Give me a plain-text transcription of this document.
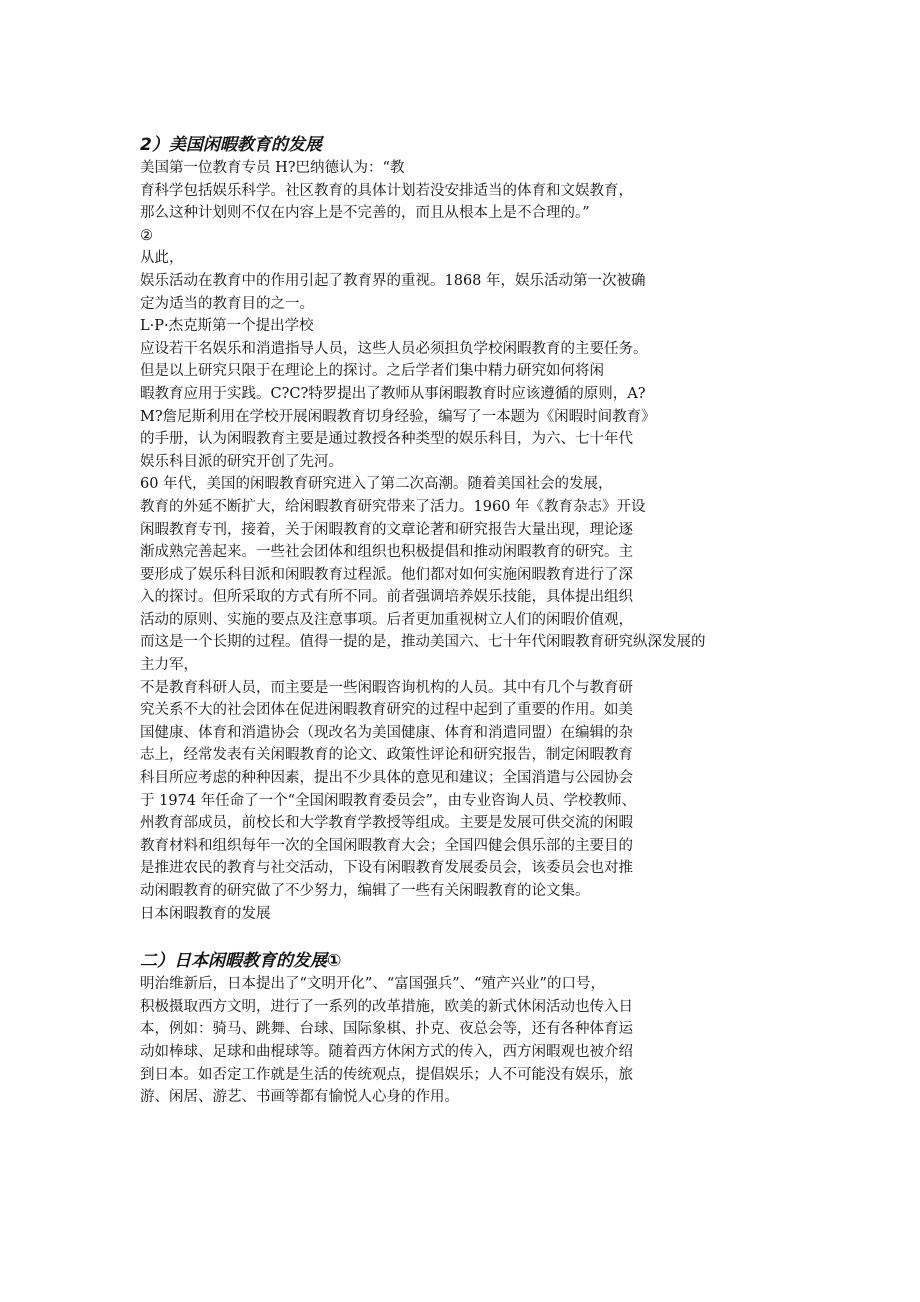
2）美国闲暇教育的发展

美国第一位教育专员 H?巴纳德认为：“教

育科学包括娱乐科学。社区教育的具体计划若没安排适当的体育和文娱教育，

那么这种计划则不仅在内容上是不完善的，而且从根本上是不合理的。”

②

从此，

娱乐活动在教育中的作用引起了教育界的重视。1868 年，娱乐活动第一次被确

定为适当的教育目的之一。

L·P·杰克斯第一个提出学校

应设若干名娱乐和消遣指导人员，这些人员必须担负学校闲暇教育的主要任务。

但是以上研究只限于在理论上的探讨。之后学者们集中精力研究如何将闲

暇教育应用于实践。C?C?特罗提出了教师从事闲暇教育时应该遵循的原则，A?

M?詹尼斯利用在学校开展闲暇教育切身经验，编写了一本题为《闲暇时间教育》

的手册，认为闲暇教育主要是通过教授各种类型的娱乐科目，为六、七十年代

娱乐科目派的研究开创了先河。

60 年代，美国的闲暇教育研究进入了第二次高潮。随着美国社会的发展，

教育的外延不断扩大，给闲暇教育研究带来了活力。1960 年《教育杂志》开设

闲暇教育专刊，接着，关于闲暇教育的文章论著和研究报告大量出现，理论逐

渐成熟完善起来。一些社会团体和组织也积极提倡和推动闲暇教育的研究。主

要形成了娱乐科目派和闲暇教育过程派。他们都对如何实施闲暇教育进行了深

入的探讨。但所采取的方式有所不同。前者强调培养娱乐技能，具体提出组织

活动的原则、实施的要点及注意事项。后者更加重视树立人们的闲暇价值观，

而这是一个长期的过程。值得一提的是，推动美国六、七十年代闲暇教育研究纵深发展的

主力军，

不是教育科研人员，而主要是一些闲暇咨询机构的人员。其中有几个与教育研

究关系不大的社会团体在促进闲暇教育研究的过程中起到了重要的作用。如美

国健康、体育和消遣协会（现改名为美国健康、体育和消遣同盟）在编辑的杂

志上，经常发表有关闲暇教育的论文、政策性评论和研究报告，制定闲暇教育

科目所应考虑的种种因素，提出不少具体的意见和建议；全国消遣与公园协会

于 1974 年任命了一个“全国闲暇教育委员会”，由专业咨询人员、学校教师、

州教育部成员，前校长和大学教育学教授等组成。主要是发展可供交流的闲暇

教育材料和组织每年一次的全国闲暇教育大会；全国四健会俱乐部的主要目的

是推进农民的教育与社交活动，下设有闲暇教育发展委员会，该委员会也对推

动闲暇教育的研究做了不少努力，编辑了一些有关闲暇教育的论文集。

日本闲暇教育的发展

二）日本闲暇教育的发展①

明治维新后，日本提出了“文明开化”、“富国强兵”、“殖产兴业”的口号，

积极摄取西方文明，进行了一系列的改革措施，欧美的新式休闲活动也传入日

本，例如：骑马、跳舞、台球、国际象棋、扑克、夜总会等，还有各种体育运

动如棒球、足球和曲棍球等。随着西方休闲方式的传入，西方闲暇观也被介绍

到日本。如否定工作就是生活的传统观点，提倡娱乐；人不可能没有娱乐，旅

游、闲居、游艺、书画等都有愉悦人心身的作用。
